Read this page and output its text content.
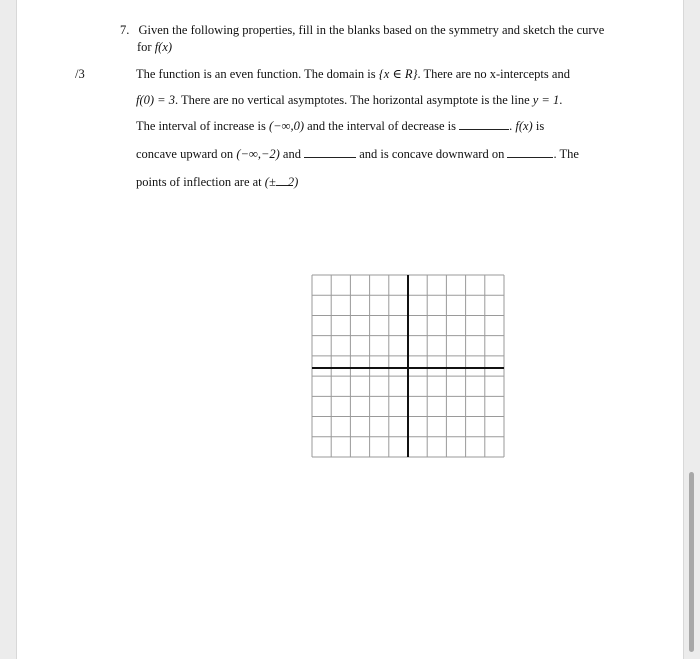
7. Given the following properties, fill in the blanks based on the symmetry and sketch the curve
for f(x)
/3	The function is an even function. The domain is {x ∈ R}. There are no x-intercepts and
f(0) = 3. There are no vertical asymptotes. The horizontal asymptote is the line y = 1.
The interval of increase is (−∞,0) and the interval of decrease is	. f(x) is
concave upward on (−∞,−2) and	and is concave downward on	. The
points of inflection are at (± 2)
